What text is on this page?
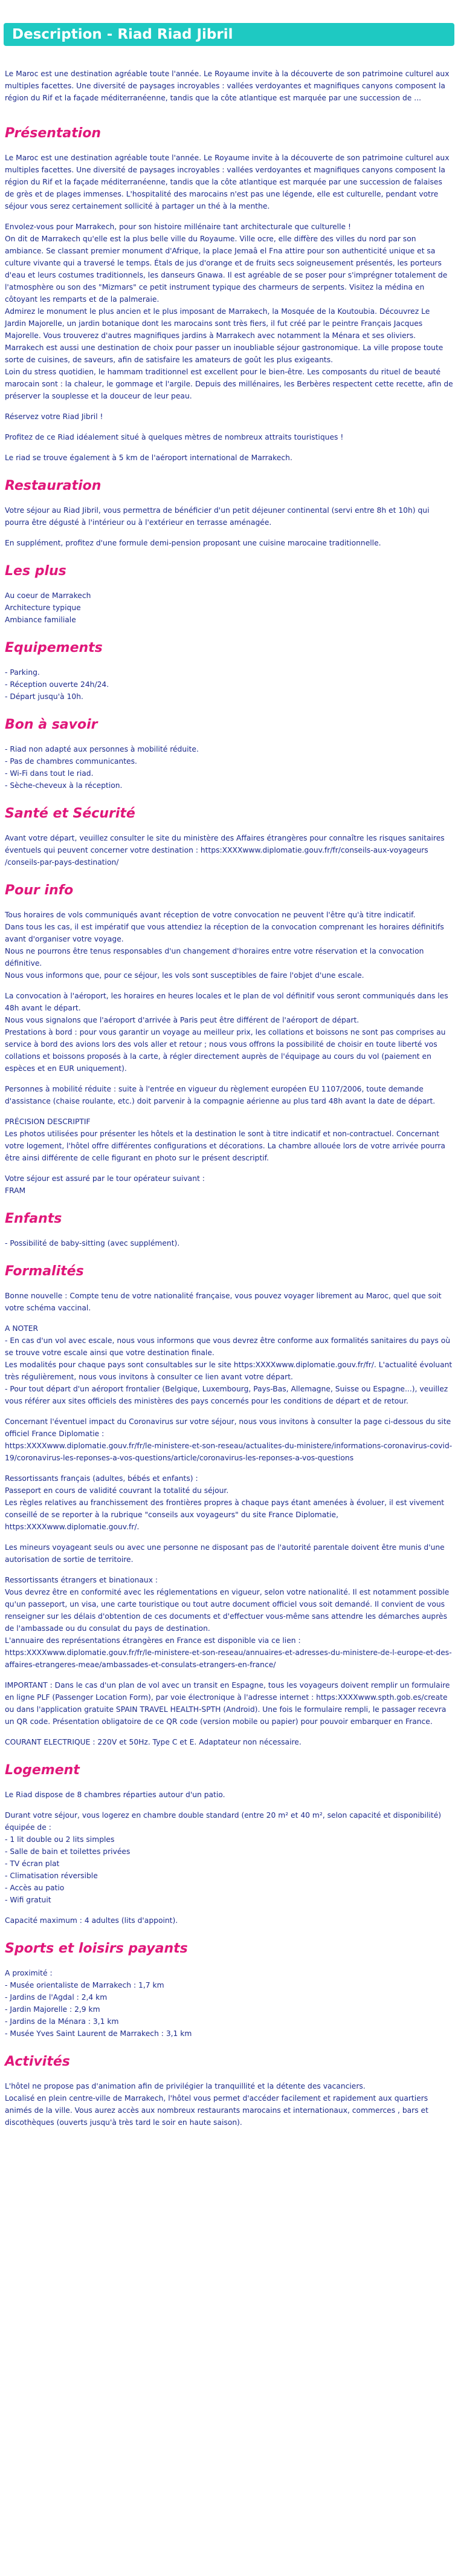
Description - Riad Riad Jibril

Le Maroc est une destination agréable toute l'année. Le Royaume invite à la découverte de son patrimoine culturel aux multiples facettes. Une diversité de paysages incroyables : vallées verdoyantes et magnifiques canyons composent la région du Rif et la façade méditerranéenne, tandis que la côte atlantique est marquée par une succession de ...

Présentation

Le Maroc est une destination agréable toute l'année. Le Royaume invite à la découverte de son patrimoine culturel aux multiples facettes. Une diversité de paysages incroyables : vallées verdoyantes et magnifiques canyons composent la région du Rif et la façade méditerranéenne, tandis que la côte atlantique est marquée par une succession de falaises de grès et de plages immenses. L'hospitalité des marocains n'est pas une légende, elle est culturelle, pendant votre séjour vous serez certainement sollicité à partager un thé à la menthe.

Envolez-vous pour Marrakech, pour son histoire millénaire tant architecturale que culturelle !
On dit de Marrakech qu'elle est la plus belle ville du Royaume. Ville ocre, elle diffère des villes du nord par son ambiance. Se classant premier monument d'Afrique, la place Jemaâ el Fna attire pour son authenticité unique et sa culture vivante qui a traversé le temps. Étals de jus d'orange et de fruits secs soigneusement présentés, les porteurs d'eau et leurs costumes traditionnels, les danseurs Gnawa. Il est agréable de se poser pour s'imprégner totalement de l'atmosphère ou son des "Mizmars" ce petit instrument typique des charmeurs de serpents. Visitez la médina en côtoyant les remparts et de la palmeraie.
Admirez le monument le plus ancien et le plus imposant de Marrakech, la Mosquée de la Koutoubia. Découvrez Le Jardin Majorelle, un jardin botanique dont les marocains sont très fiers, il fut créé par le peintre Français Jacques Majorelle. Vous trouverez d'autres magnifiques jardins à Marrakech avec notamment la Ménara et ses oliviers. Marrakech est aussi une destination de choix pour passer un inoubliable séjour gastronomique. La ville propose toute sorte de cuisines, de saveurs, afin de satisfaire les amateurs de goût les plus exigeants.
Loin du stress quotidien, le hammam traditionnel est excellent pour le bien-être. Les composants du rituel de beauté marocain sont : la chaleur, le gommage et l'argile. Depuis des millénaires, les Berbères respectent cette recette, afin de préserver la souplesse et la douceur de leur peau.

Réservez votre Riad Jibril !

Profitez de ce Riad idéalement situé à quelques mètres de nombreux attraits touristiques !

Le riad se trouve également à 5 km de l'aéroport international de Marrakech.

Restauration

Votre séjour au Riad Jibril, vous permettra de bénéficier d'un petit déjeuner continental (servi entre 8h et 10h) qui pourra être dégusté à l'intérieur ou à l'extérieur en terrasse aménagée.

En supplément, profitez d'une formule demi-pension proposant une cuisine marocaine traditionnelle.

Les plus

Au coeur de Marrakech
Architecture typique
Ambiance familiale

Equipements

- Parking.
- Réception ouverte 24h/24.
- Départ jusqu'à 10h.

Bon à savoir

- Riad non adapté aux personnes à mobilité réduite.
- Pas de chambres communicantes.
- Wi-Fi dans tout le riad.
- Sèche-cheveux à la réception.

Santé et Sécurité

Avant votre départ, veuillez consulter le site du ministère des Affaires étrangères pour connaître les risques sanitaires éventuels qui peuvent concerner votre destination : https:XXXXwww.diplomatie.gouv.fr/fr/conseils-aux-voyageurs /conseils-par-pays-destination/

Pour info

Tous horaires de vols communiqués avant réception de votre convocation ne peuvent l'être qu'à titre indicatif.
Dans tous les cas, il est impératif que vous attendiez la réception de la convocation comprenant les horaires définitifs avant d'organiser votre voyage.
Nous ne pourrons être tenus responsables d'un changement d'horaires entre votre réservation et la convocation définitive.
Nous vous informons que, pour ce séjour, les vols sont susceptibles de faire l'objet d'une escale.

La convocation à l'aéroport, les horaires en heures locales et le plan de vol définitif vous seront communiqués dans les 48h avant le départ.
Nous vous signalons que l'aéroport d'arrivée à Paris peut être différent de l'aéroport de départ.
Prestations à bord : pour vous garantir un voyage au meilleur prix, les collations et boissons ne sont pas comprises au service à bord des avions lors des vols aller et retour ; nous vous offrons la possibilité de choisir en toute liberté vos collations et boissons proposés à la carte, à régler directement auprès de l'équipage au cours du vol (paiement en espèces et en EUR uniquement).

Personnes à mobilité réduite : suite à l'entrée en vigueur du règlement européen EU 1107/2006, toute demande d'assistance (chaise roulante, etc.) doit parvenir à la compagnie aérienne au plus tard 48h avant la date de départ.

PRÉCISION DESCRIPTIF
Les photos utilisées pour présenter les hôtels et la destination le sont à titre indicatif et non-contractuel. Concernant votre logement, l'hôtel offre différentes configurations et décorations. La chambre allouée lors de votre arrivée pourra être ainsi différente de celle figurant en photo sur le présent descriptif.

Votre séjour est assuré par le tour opérateur suivant :
FRAM

Enfants

- Possibilité de baby-sitting (avec supplément).

Formalités

Bonne nouvelle : Compte tenu de votre nationalité française, vous pouvez voyager librement au Maroc, quel que soit votre schéma vaccinal.

A NOTER
- En cas d'un vol avec escale, nous vous informons que vous devrez être conforme aux formalités sanitaires du pays où se trouve votre escale ainsi que votre destination finale.
Les modalités pour chaque pays sont consultables sur le site https:XXXXwww.diplomatie.gouv.fr/fr/. L'actualité évoluant très régulièrement, nous vous invitons à consulter ce lien avant votre départ.
- Pour tout départ d'un aéroport frontalier (Belgique, Luxembourg, Pays-Bas, Allemagne, Suisse ou Espagne...), veuillez vous référer aux sites officiels des ministères des pays concernés pour les conditions de départ et de retour.

Concernant l'éventuel impact du Coronavirus sur votre séjour, nous vous invitons à consulter la page ci-dessous du site officiel France Diplomatie :
https:XXXXwww.diplomatie.gouv.fr/fr/le-ministere-et-son-reseau/actualites-du-ministere/informations-coronavirus-covid-19/coronavirus-les-reponses-a-vos-questions/article/coronavirus-les-reponses-a-vos-questions

Ressortissants français (adultes, bébés et enfants) :
Passeport en cours de validité couvrant la totalité du séjour.
Les règles relatives au franchissement des frontières propres à chaque pays étant amenées à évoluer, il est vivement conseillé de se reporter à la rubrique "conseils aux voyageurs" du site France Diplomatie, https:XXXXwww.diplomatie.gouv.fr/.

Les mineurs voyageant seuls ou avec une personne ne disposant pas de l'autorité parentale doivent être munis d'une autorisation de sortie de territoire.

Ressortissants étrangers et binationaux :
Vous devrez être en conformité avec les réglementations en vigueur, selon votre nationalité. Il est notamment possible qu'un passeport, un visa, une carte touristique ou tout autre document officiel vous soit demandé. Il convient de vous renseigner sur les délais d'obtention de ces documents et d'effectuer vous-même sans attendre les démarches auprès de l'ambassade ou du consulat du pays de destination.
L'annuaire des représentations étrangères en France est disponible via ce lien :
https:XXXXwww.diplomatie.gouv.fr/fr/le-ministere-et-son-reseau/annuaires-et-adresses-du-ministere-de-l-europe-et-des-affaires-etrangeres-meae/ambassades-et-consulats-etrangers-en-france/

IMPORTANT : Dans le cas d'un plan de vol avec un transit en Espagne, tous les voyageurs doivent remplir un formulaire en ligne PLF (Passenger Location Form), par voie électronique à l'adresse internet : https:XXXXwww.spth.gob.es/create ou dans l'application gratuite SPAIN TRAVEL HEALTH-SPTH (Android). Une fois le formulaire rempli, le passager recevra un QR code. Présentation obligatoire de ce QR code (version mobile ou papier) pour pouvoir embarquer en France.

COURANT ELECTRIQUE : 220V et 50Hz. Type C et E. Adaptateur non nécessaire.

Logement

Le Riad dispose de 8 chambres réparties autour d'un patio.

Durant votre séjour, vous logerez en chambre double standard (entre 20 m² et 40 m², selon capacité et disponibilité) équipée de :
- 1 lit double ou 2 lits simples
- Salle de bain et toilettes privées
- TV écran plat
- Climatisation réversible
- Accès au patio
- Wifi gratuit

Capacité maximum : 4 adultes (lits d'appoint).

Sports et loisirs payants

A proximité :
- Musée orientaliste de Marrakech : 1,7 km
- Jardins de l'Agdal : 2,4 km
- Jardin Majorelle : 2,9 km
- Jardins de la Ménara : 3,1 km
- Musée Yves Saint Laurent de Marrakech : 3,1 km

Activités

L'hôtel ne propose pas d'animation afin de privilégier la tranquillité et la détente des vacanciers.
Localisé en plein centre-ville de Marrakech, l'hôtel vous permet d'accéder facilement et rapidement aux quartiers animés de la ville. Vous aurez accès aux nombreux restaurants marocains et internationaux, commerces , bars et discothèques (ouverts jusqu'à très tard le soir en haute saison).
